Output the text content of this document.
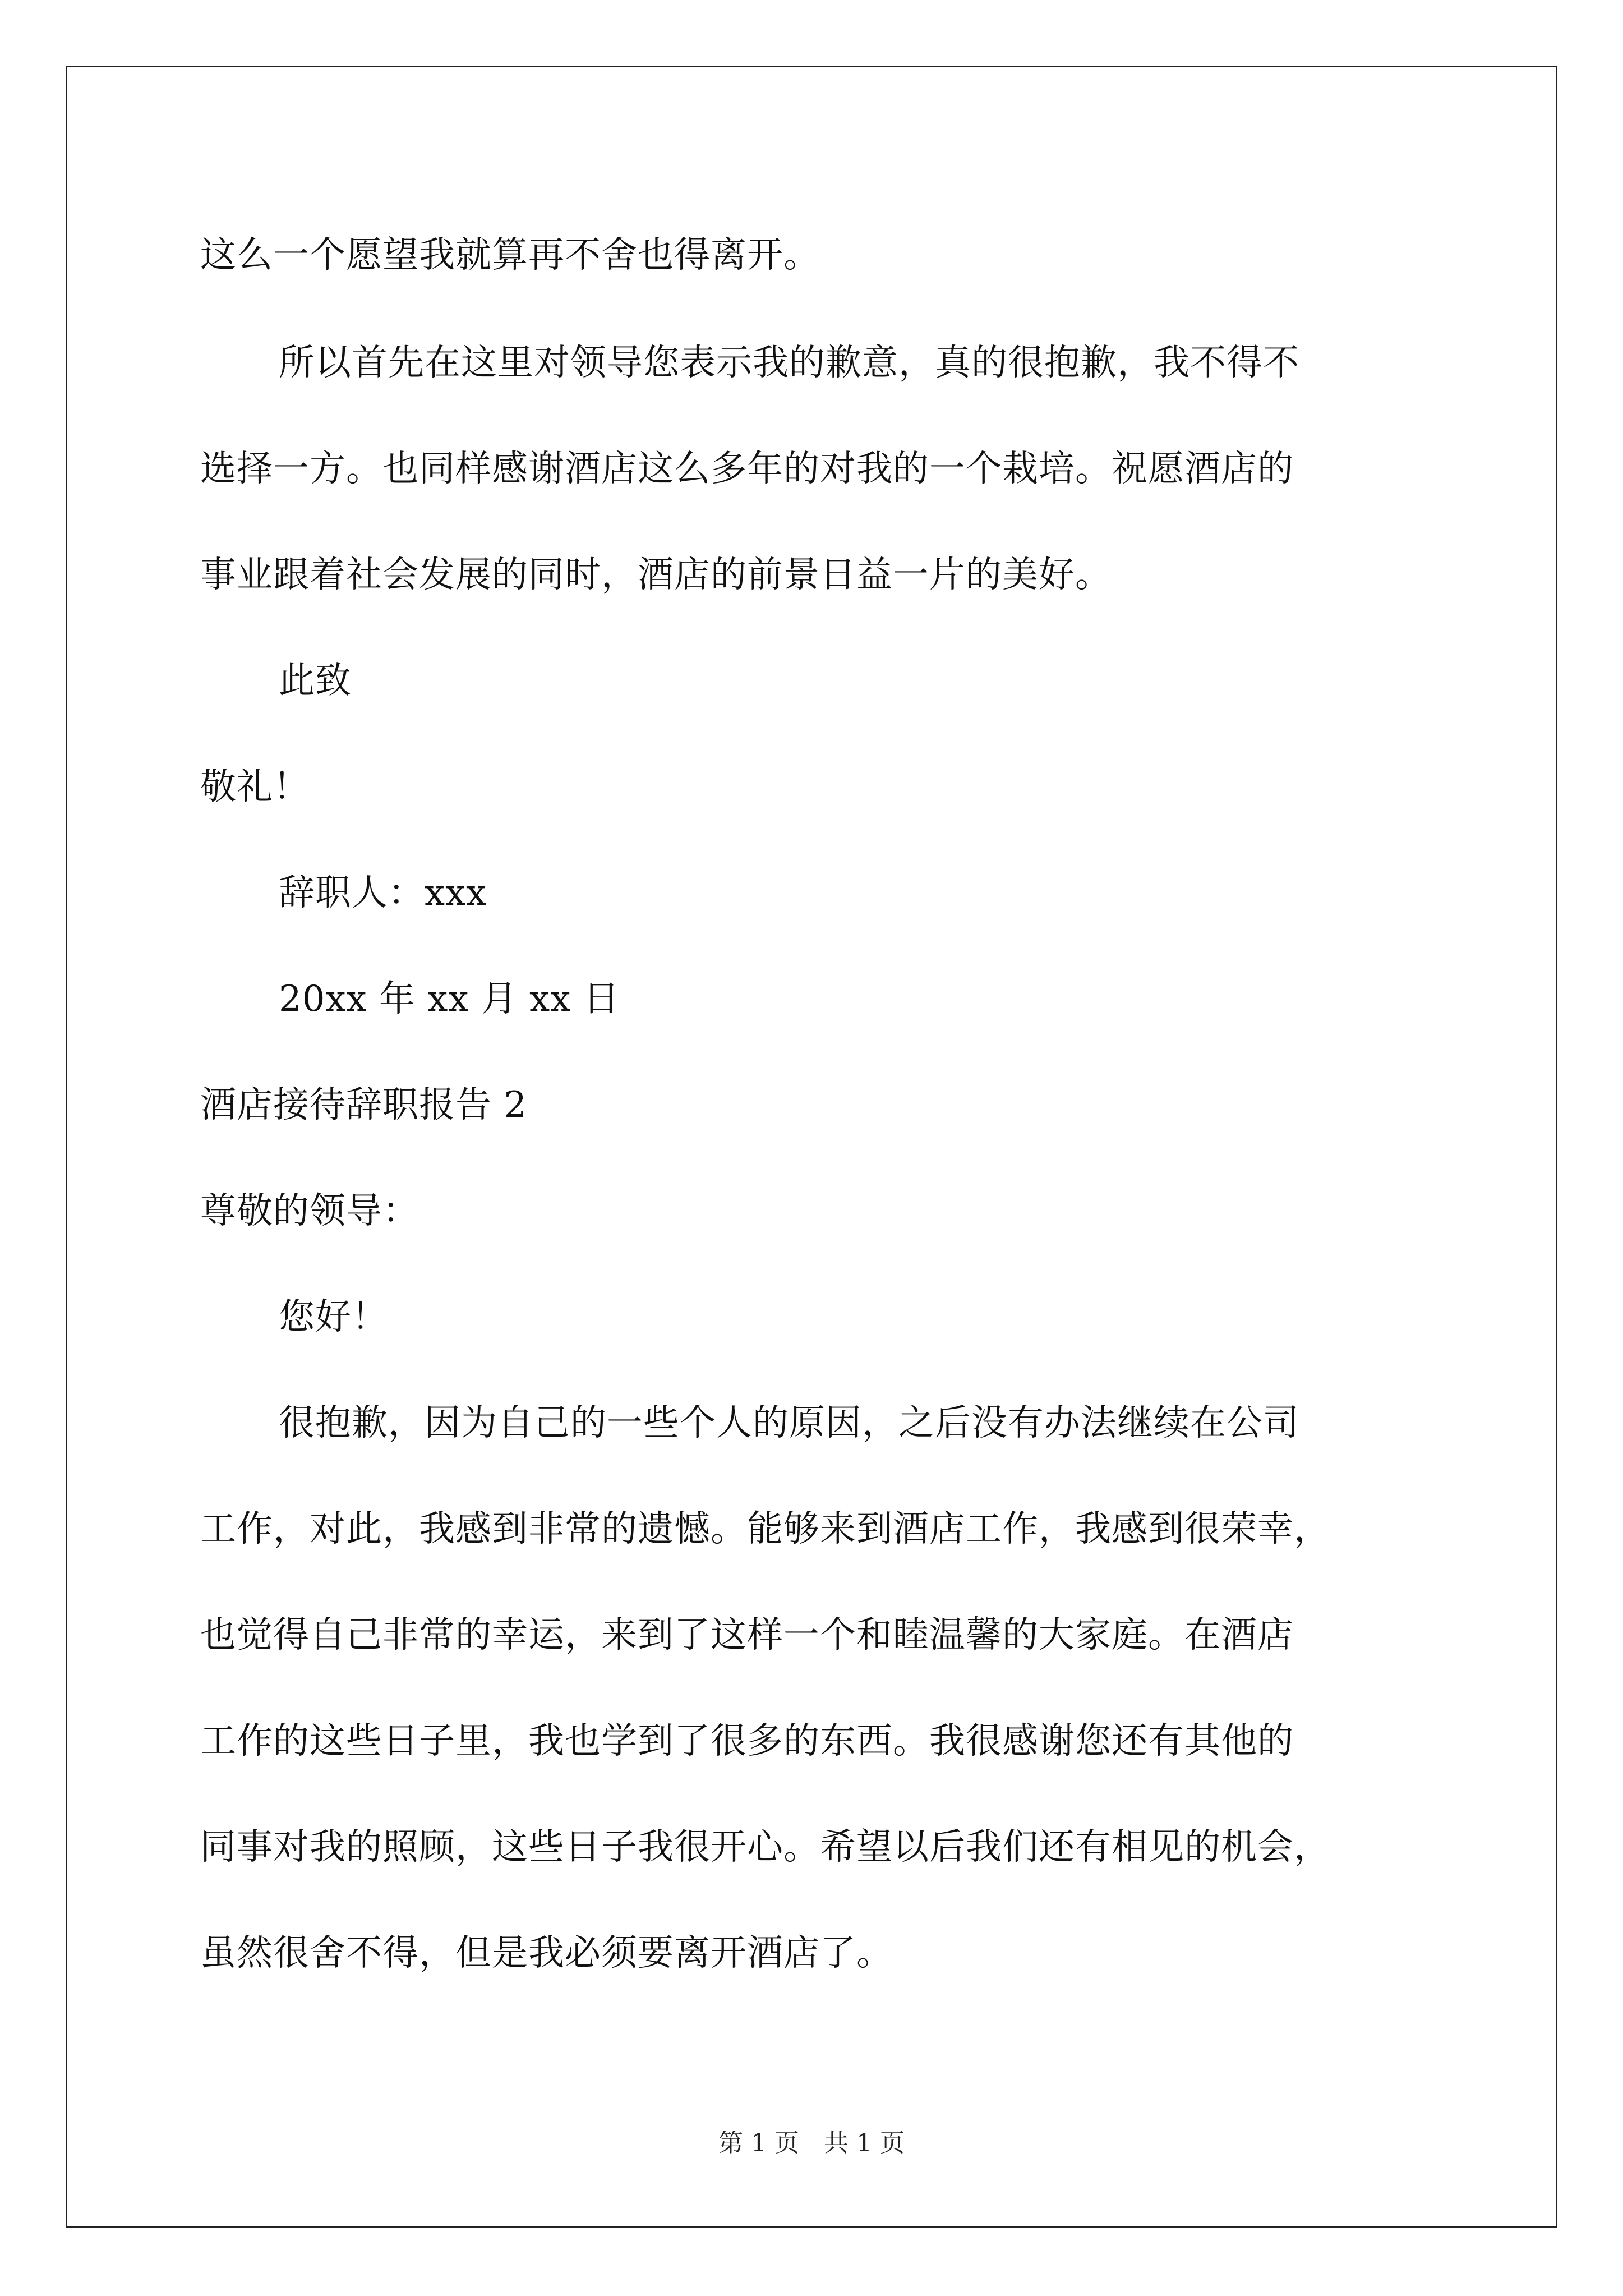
这么一个愿望我就算再不舍也得离开。
所以首先在这里对领导您表示我的歉意，真的很抱歉，我不得不
选择一方。也同样感谢酒店这么多年的对我的一个栽培。祝愿酒店的
事业跟着社会发展的同时，酒店的前景日益一片的美好。
此致
敬礼！
辞职人：xxx
20xx 年 xx 月 xx 日
酒店接待辞职报告 2
尊敬的领导：
您好！
很抱歉，因为自己的一些个人的原因，之后没有办法继续在公司
工作，对此，我感到非常的遗憾。能够来到酒店工作，我感到很荣幸，
也觉得自己非常的幸运，来到了这样一个和睦温馨的大家庭。在酒店
工作的这些日子里，我也学到了很多的东西。我很感谢您还有其他的
同事对我的照顾，这些日子我很开心。希望以后我们还有相见的机会，
虽然很舍不得，但是我必须要离开酒店了。
第 1 页　共 1 页
